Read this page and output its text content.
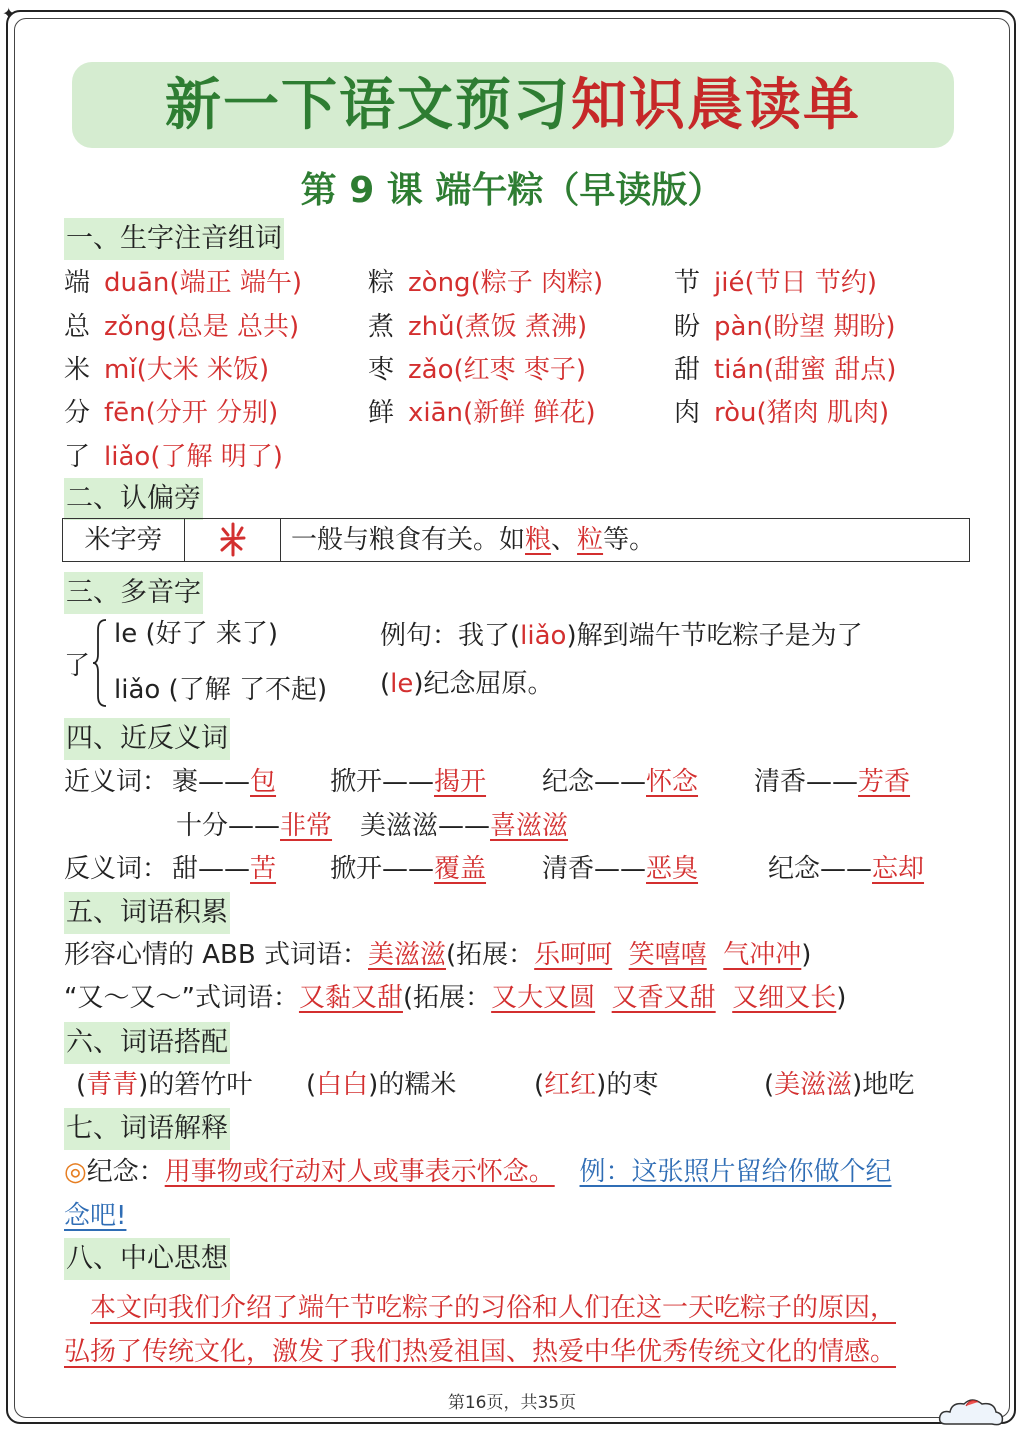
✦
新一下语文预习知识晨读单
第 9 课 端午粽（早读版）
一、生字注音组词
端 duān(端正 端午)	粽 zòng(粽子 肉粽)	节 jié(节日 节约)
总 zǒng(总是 总共)	煮 zhǔ(煮饭 煮沸)	盼 pàn(盼望 期盼)
米 mǐ(大米 米饭)	枣 zǎo(红枣 枣子)	甜 tián(甜蜜 甜点)
分 fēn(分开 分别)	鲜 xiān(新鲜 鲜花)	肉 ròu(猪肉 肌肉)
了 liǎo(了解 明了)
二、认偏旁
米字旁	一般与粮食有关。如粮、粒等。
三、多音字
了
le (好了 来了)
liǎo (了解 了不起)
例句：我了(liǎo)解到端午节吃粽子是为了
(le)纪念屈原。
四、近反义词
近义词： 裹——包 掀开——揭开 纪念——怀念 清香——芳香
十分——非常 美滋滋——喜滋滋
反义词： 甜——苦 掀开——覆盖 清香——恶臭	纪念——忘却
五、词语积累
形容心情的 ABB 式词语：美滋滋(拓展：乐呵呵 笑嘻嘻 气冲冲)
“又～又～”式词语：又黏又甜(拓展：又大又圆 又香又甜 又细又长)
六、词语搭配
(青青)的箬竹叶 (白白)的糯米	(红红)的枣	(美滋滋)地吃
七、词语解释
◎纪念：用事物或行动对人或事表示怀念。 例：这张照片留给你做个纪
念吧!
八、中心思想
本文向我们介绍了端午节吃粽子的习俗和人们在这一天吃粽子的原因，
弘扬了传统文化，激发了我们热爱祖国、热爱中华优秀传统文化的情感。
第16页，共35页
